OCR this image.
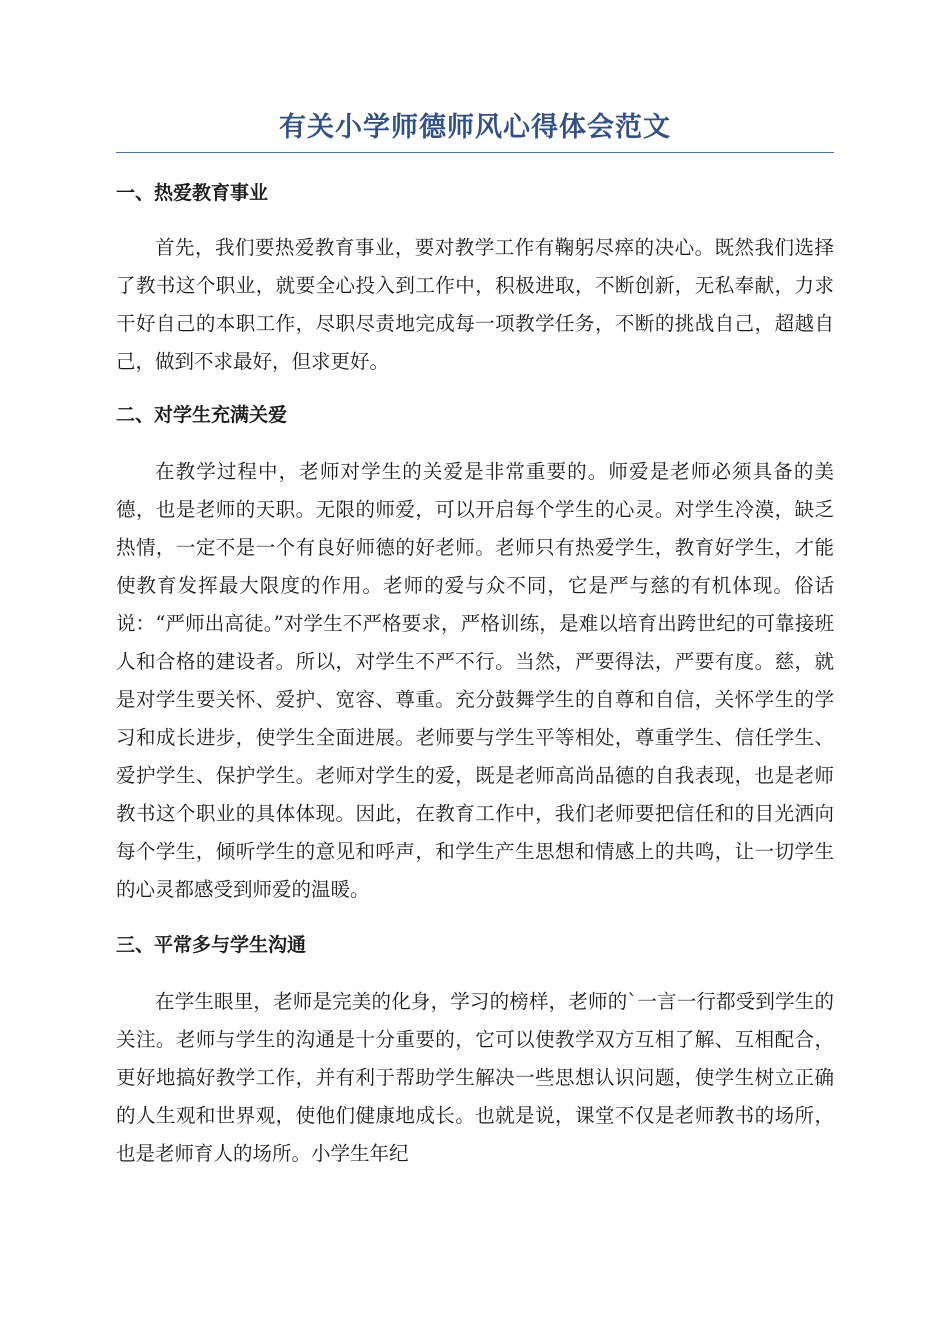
有关小学师德师风心得体会范文
一、热爱教育事业

首先，我们要热爱教育事业，要对教学工作有鞠躬尽瘁的决心。既然我们选择了教书这个职业，就要全心投入到工作中，积极进取，不断创新，无私奉献，力求干好自己的本职工作，尽职尽责地完成每一项教学任务，不断的挑战自己，超越自己，做到不求最好，但求更好。

二、对学生充满关爱

在教学过程中，老师对学生的关爱是非常重要的。师爱是老师必须具备的美德，也是老师的天职。无限的师爱，可以开启每个学生的心灵。对学生冷漠，缺乏热情，一定不是一个有良好师德的好老师。老师只有热爱学生，教育好学生，才能使教育发挥最大限度的作用。老师的爱与众不同，它是严与慈的有机体现。俗话说：“严师出高徒。”对学生不严格要求，严格训练，是难以培育出跨世纪的可靠接班人和合格的建设者。所以，对学生不严不行。当然，严要得法，严要有度。慈，就是对学生要关怀、爱护、宽容、尊重。充分鼓舞学生的自尊和自信，关怀学生的学习和成长进步，使学生全面进展。老师要与学生平等相处，尊重学生、信任学生、爱护学生、保护学生。老师对学生的爱，既是老师高尚品德的自我表现，也是老师教书这个职业的具体体现。因此，在教育工作中，我们老师要把信任和的目光洒向每个学生，倾听学生的意见和呼声，和学生产生思想和情感上的共鸣，让一切学生的心灵都感受到师爱的温暖。

三、平常多与学生沟通

在学生眼里，老师是完美的化身，学习的榜样，老师的`一言一行都受到学生的关注。老师与学生的沟通是十分重要的，它可以使教学双方互相了解、互相配合，更好地搞好教学工作，并有利于帮助学生解决一些思想认识问题，使学生树立正确的人生观和世界观，使他们健康地成长。也就是说，课堂不仅是老师教书的场所，也是老师育人的场所。小学生年纪
